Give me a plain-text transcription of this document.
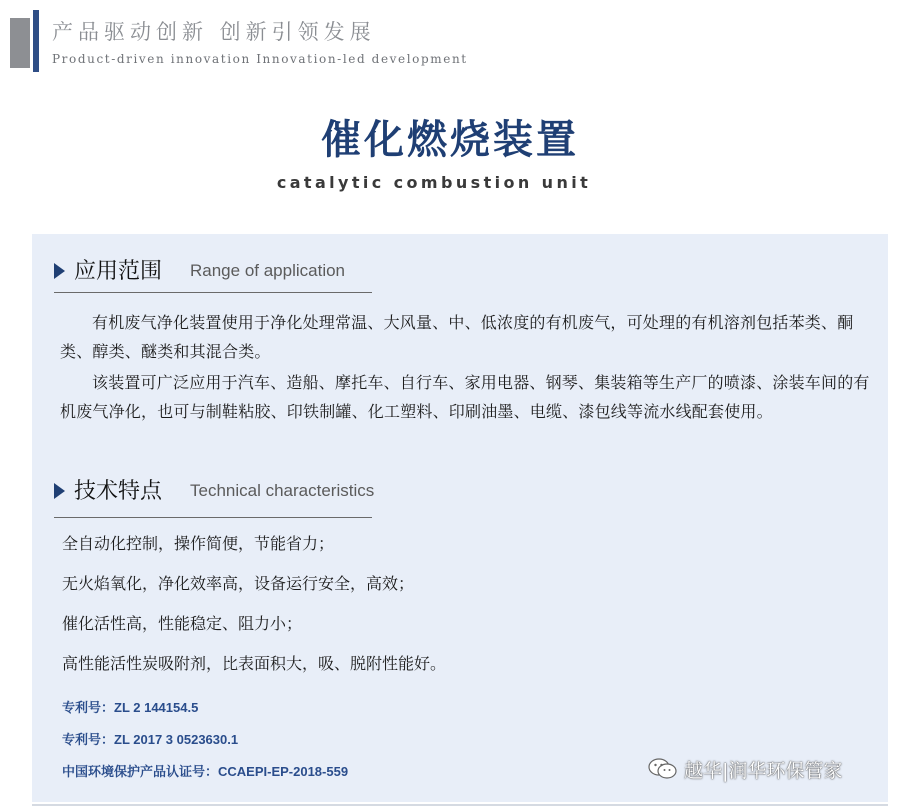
产品驱动创新 创新引领发展
Product-driven innovation Innovation-led development
催化燃烧装置
catalytic combustion unit
应用范围 Range of application

有机废气净化装置使用于净化处理常温、大风量、中、低浓度的有机废气，可处理的有机溶剂包括苯类、酮类、醇类、醚类和其混合类。

该装置可广泛应用于汽车、造船、摩托车、自行车、家用电器、钢琴、集装箱等生产厂的喷漆、涂装车间的有机废气净化，也可与制鞋粘胶、印铁制罐、化工塑料、印刷油墨、电缆、漆包线等流水线配套使用。

技术特点 Technical characteristics
全自动化控制，操作简便，节能省力；
无火焰氧化，净化效率高，设备运行安全，高效；
催化活性高，性能稳定、阻力小；
高性能活性炭吸附剂，比表面积大，吸、脱附性能好。
专利号：ZL 2 144154.5
专利号：ZL 2017 3 0523630.1
中国环境保护产品认证号：CCAEPI-EP-2018-559	越华|润华环保管家
